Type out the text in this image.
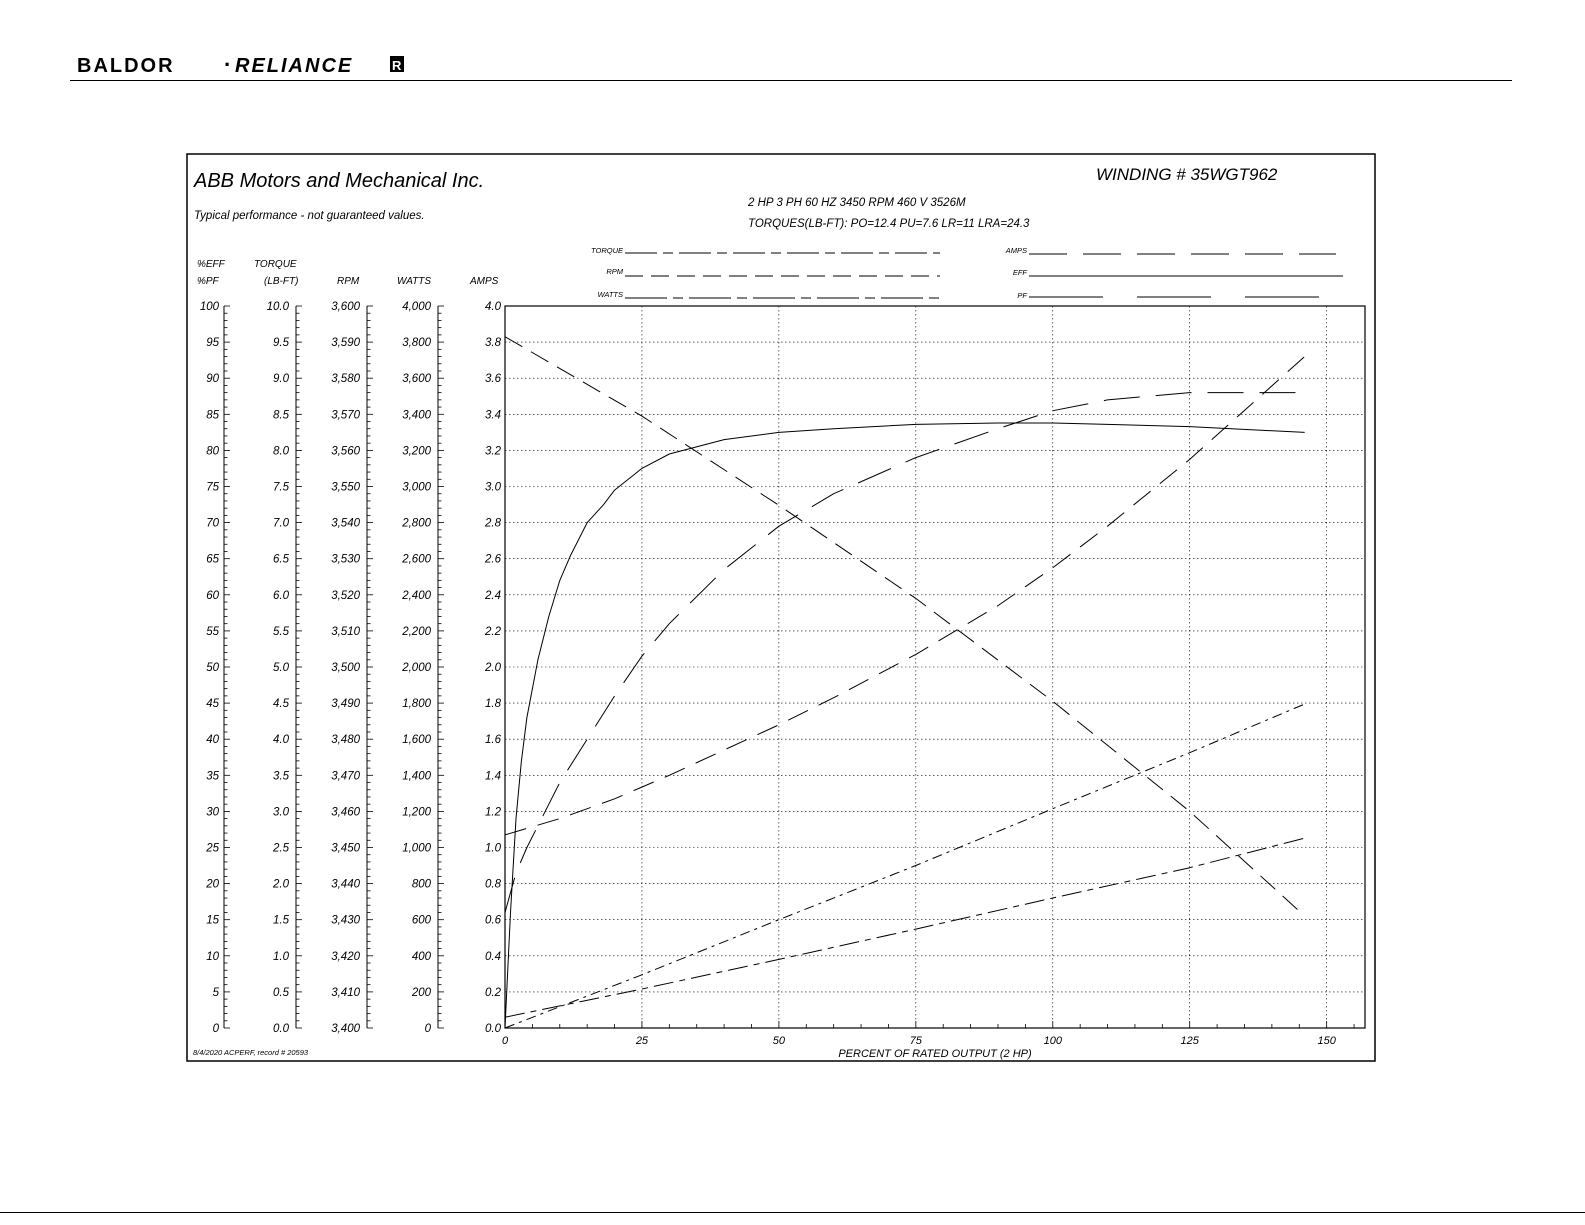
BALDOR · RELIANCE	R
ABB Motors and Mechanical Inc.
Typical performance - not guaranteed values.
WINDING # 35WGT962
2 HP 3 PH 60 HZ 3450 RPM 460 V 3526M
TORQUES(LB-FT): PO=12.4 PU=7.6 LR=11 LRA=24.3
TORQUE
RPM
WATTS
AMPS
EFF
PF
%EFF
%PF
TORQUE
(LB-FT)	RPM	WATTS	AMPS
100
95
90
85
80
75
70
65
60
55
50
45
40
35
30
25
20
15
10
5
0
10.0
9.5
9.0
8.5
8.0
7.5
7.0
6.5
6.0
5.5
5.0
4.5
4.0
3.5
3.0
2.5
2.0
1.5
1.0
0.5
0.0
3,600
3,590
3,580
3,570
3,560
3,550
3,540
3,530
3,520
3,510
3,500
3,490
3,480
3,470
3,460
3,450
3,440
3,430
3,420
3,410
3,400
4,000
3,800
3,600
3,400
3,200
3,000
2,800
2,600
2,400
2,200
2,000
1,800
1,600
1,400
1,200
1,000
800
600
400
200
0
4.0
3.8
3.6
3.4
3.2
3.0
2.8
2.6
2.4
2.2
2.0
1.8
1.6
1.4
1.2
1.0
0.8
0.6
0.4
0.2
0.0
0	25	50	75	100	125	150
PERCENT OF RATED OUTPUT (2 HP)
8/4/2020 ACPERF, record # 20593
